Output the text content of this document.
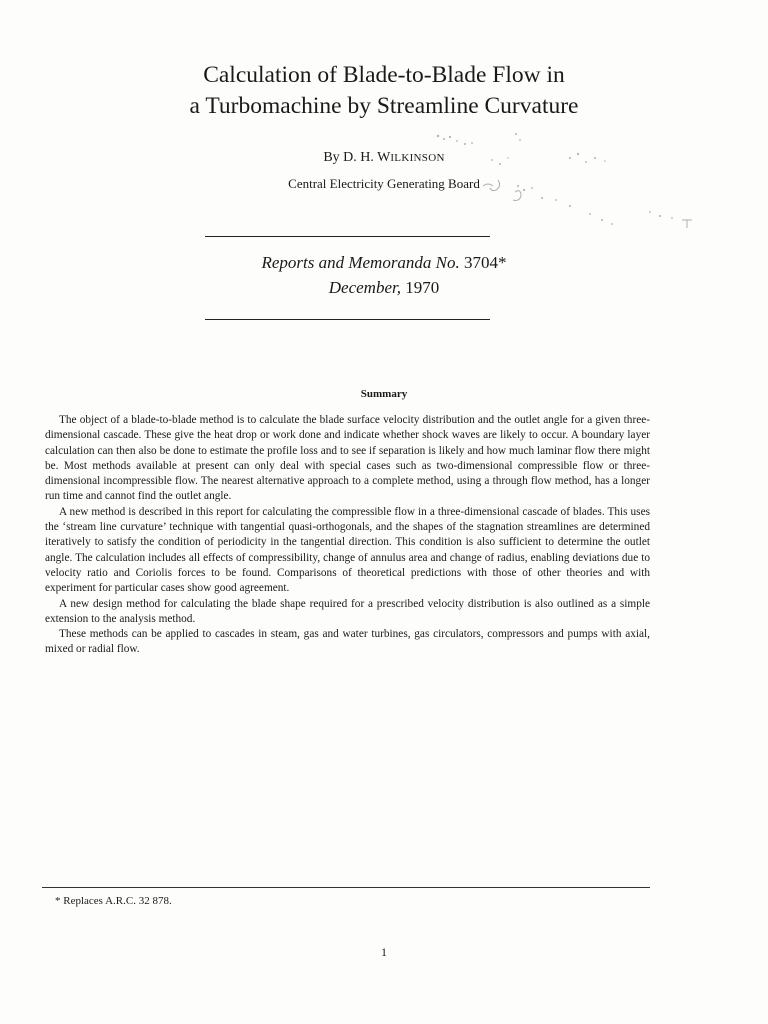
Calculation of Blade-to-Blade Flow in
a Turbomachine by Streamline Curvature
By D. H. WILKINSON
Central Electricity Generating Board
Reports and Memoranda No. 3704*
December, 1970
Summary

The object of a blade-to-blade method is to calculate the blade surface velocity distribution and the outlet angle for a given three-dimensional cascade. These give the heat drop or work done and indicate whether shock waves are likely to occur. A boundary layer calculation can then also be done to estimate the profile loss and to see if separation is likely and how much laminar flow there might be. Most methods available at present can only deal with special cases such as two-dimensional compressible flow or three-dimensional incompressible flow. The nearest alternative approach to a complete method, using a through flow method, has a longer run time and cannot find the outlet angle.

A new method is described in this report for calculating the compressible flow in a three-dimensional cascade of blades. This uses the ‘stream line curvature’ technique with tangential quasi-orthogonals, and the shapes of the stagnation streamlines are determined iteratively to satisfy the condition of periodicity in the tangential direction. This condition is also sufficient to determine the outlet angle. The calculation includes all effects of compressibility, change of annulus area and change of radius, enabling deviations due to velocity ratio and Coriolis forces to be found. Comparisons of theoretical predictions with those of other theories and with experiment for particular cases show good agreement.

A new design method for calculating the blade shape required for a prescribed velocity distribution is also outlined as a simple extension to the analysis method.

These methods can be applied to cascades in steam, gas and water turbines, gas circulators, compressors and pumps with axial, mixed or radial flow.

* Replaces A.R.C. 32 878.
1
